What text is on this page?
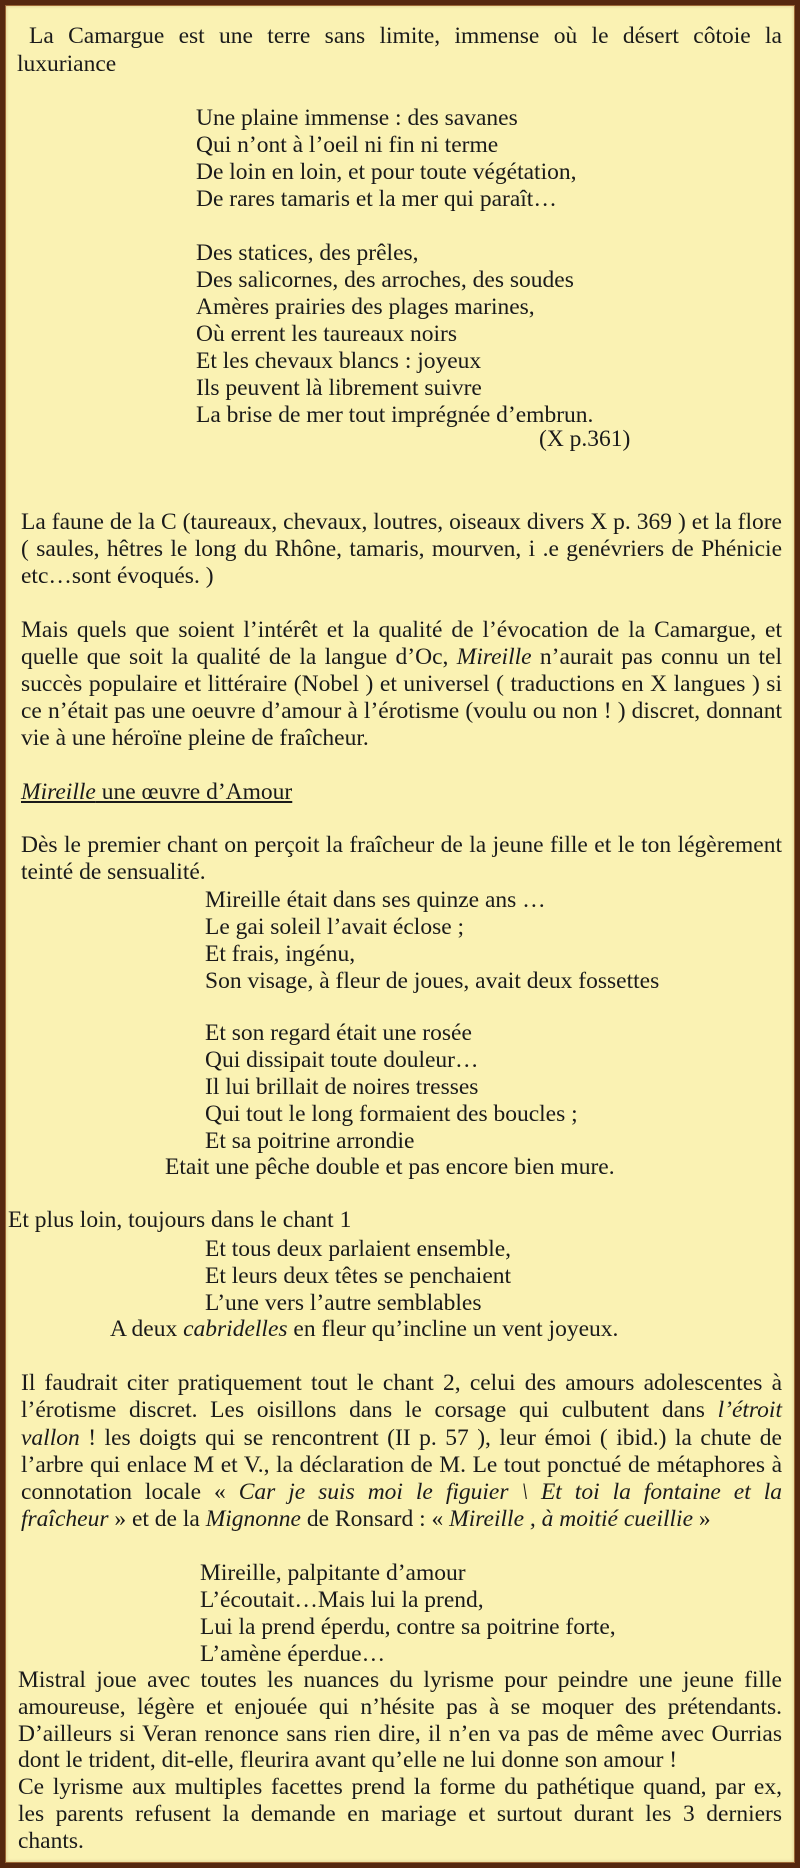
La Camargue est une terre sans limite, immense où le désert côtoie la
luxuriance
Une plaine immense : des savanes
Qui n’ont à l’oeil ni fin ni terme
De loin en loin, et pour toute végétation,
De rares tamaris et la mer qui paraît…
Des statices, des prêles,
Des salicornes, des arroches, des soudes
Amères prairies des plages marines,
Où errent les taureaux noirs
Et les chevaux blancs : joyeux
Ils peuvent là librement suivre
La brise de mer tout imprégnée d’embrun.
(X p.361)
La faune de la C (taureaux, chevaux, loutres, oiseaux divers X p. 369 ) et la flore
( saules, hêtres le long du Rhône, tamaris, mourven, i .e genévriers de Phénicie
etc…sont évoqués. )
Mais quels que soient l’intérêt et la qualité de l’évocation de la Camargue, et
quelle que soit la qualité de la langue d’Oc, Mireille n’aurait pas connu un tel
succès populaire et littéraire (Nobel ) et universel ( traductions en X langues ) si
ce n’était pas une oeuvre d’amour à l’érotisme (voulu ou non ! ) discret, donnant
vie à une héroïne pleine de fraîcheur.
Mireille une œuvre d’Amour
Dès le premier chant on perçoit la fraîcheur de la jeune fille et le ton légèrement
teinté de sensualité.
Mireille était dans ses quinze ans …
Le gai soleil l’avait éclose ;
Et frais, ingénu,
Son visage, à fleur de joues, avait deux fossettes
Et son regard était une rosée
Qui dissipait toute douleur…
Il lui brillait de noires tresses
Qui tout le long formaient des boucles ;
Et sa poitrine arrondie
Etait une pêche double et pas encore bien mure.
Et plus loin, toujours dans le chant 1
Et tous deux parlaient ensemble,
Et leurs deux têtes se penchaient
L’une vers l’autre semblables
A deux cabridelles en fleur qu’incline un vent joyeux.
Il faudrait citer pratiquement tout le chant 2, celui des amours adolescentes à
l’érotisme discret. Les oisillons dans le corsage qui culbutent dans l’étroit
vallon ! les doigts qui se rencontrent (II p. 57 ), leur émoi ( ibid.) la chute de
l’arbre qui enlace M et V., la déclaration de M. Le tout ponctué de métaphores à
connotation locale « Car je suis moi le figuier \ Et toi la fontaine et la
fraîcheur » et de la Mignonne de Ronsard : « Mireille , à moitié cueillie »
Mireille, palpitante d’amour
L’écoutait…Mais lui la prend,
Lui la prend éperdu, contre sa poitrine forte,
L’amène éperdue…
Mistral joue avec toutes les nuances du lyrisme pour peindre une jeune fille
amoureuse, légère et enjouée qui n’hésite pas à se moquer des prétendants.
D’ailleurs si Veran renonce sans rien dire, il n’en va pas de même avec Ourrias
dont le trident, dit-elle, fleurira avant qu’elle ne lui donne son amour !
Ce lyrisme aux multiples facettes prend la forme du pathétique quand, par ex,
les parents refusent la demande en mariage et surtout durant les 3 derniers
chants.
